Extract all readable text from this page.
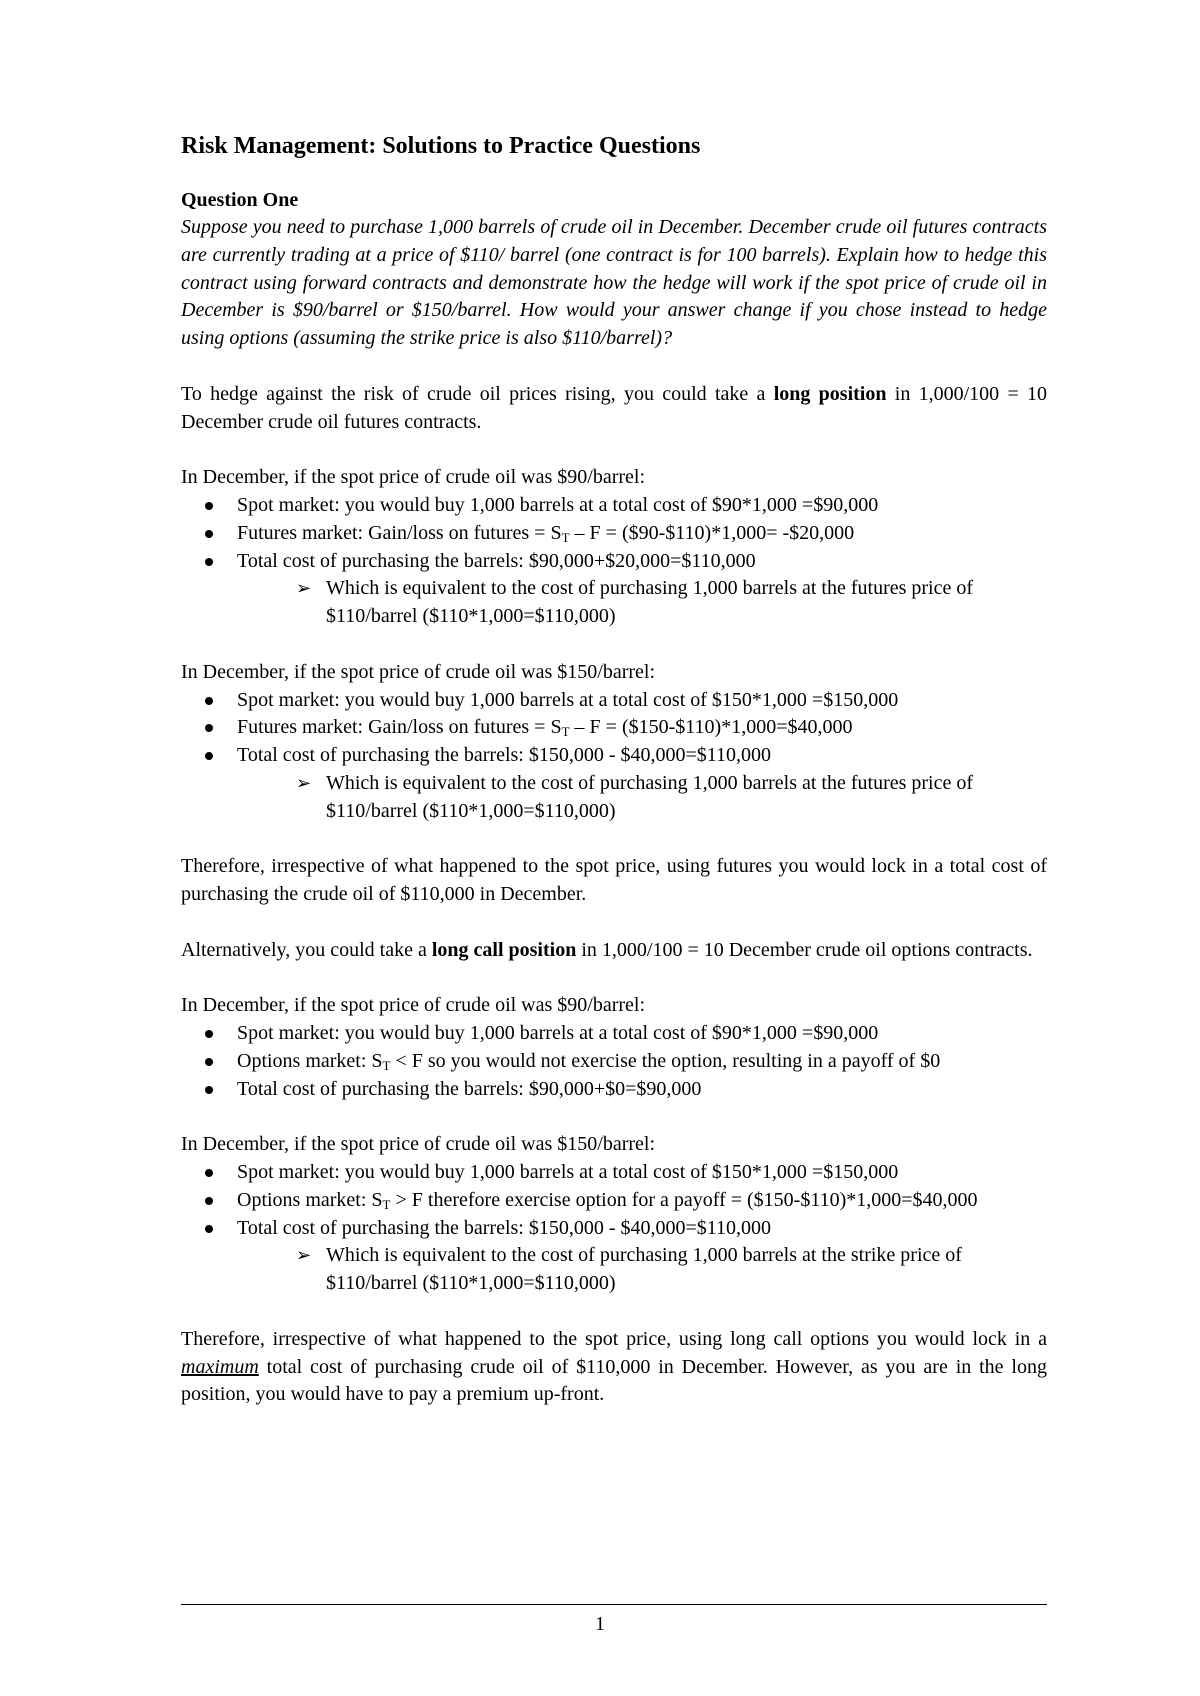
Risk Management: Solutions to Practice Questions
Question One

Suppose you need to purchase 1,000 barrels of crude oil in December. December crude oil futures contracts are currently trading at a price of $110/ barrel (one contract is for 100 barrels). Explain how to hedge this contract using forward contracts and demonstrate how the hedge will work if the spot price of crude oil in December is $90/barrel or $150/barrel. How would your answer change if you chose instead to hedge using options (assuming the strike price is also $110/barrel)?

To hedge against the risk of crude oil prices rising, you could take a long position in 1,000/100 = 10 December crude oil futures contracts.

In December, if the spot price of crude oil was $90/barrel:

Spot market: you would buy 1,000 barrels at a total cost of $90*1,000 =$90,000
Futures market: Gain/loss on futures = $S_T$ – F = ($90-$110)*1,000= -$20,000
Total cost of purchasing the barrels: $90,000+$20,000=$110,000
➢ Which is equivalent to the cost of purchasing 1,000 barrels at the futures price of $110/barrel ($110*1,000=$110,000)

In December, if the spot price of crude oil was $150/barrel:

Spot market: you would buy 1,000 barrels at a total cost of $150*1,000 =$150,000
Futures market: Gain/loss on futures = $S_T$ – F = ($150-$110)*1,000=$40,000
Total cost of purchasing the barrels: $150,000 - $40,000=$110,000
➢ Which is equivalent to the cost of purchasing 1,000 barrels at the futures price of $110/barrel ($110*1,000=$110,000)

Therefore, irrespective of what happened to the spot price, using futures you would lock in a total cost of purchasing the crude oil of $110,000 in December.

Alternatively, you could take a long call position in 1,000/100 = 10 December crude oil options contracts.

In December, if the spot price of crude oil was $90/barrel:

Spot market: you would buy 1,000 barrels at a total cost of $90*1,000 =$90,000
Options market: $S_T < F$ so you would not exercise the option, resulting in a payoff of $0
Total cost of purchasing the barrels: $90,000+$0=$90,000

In December, if the spot price of crude oil was $150/barrel:

Spot market: you would buy 1,000 barrels at a total cost of $150*1,000 =$150,000
Options market: $S_T > F$ therefore exercise option for a payoff = ($150-$110)*1,000=$40,000
Total cost of purchasing the barrels: $150,000 - $40,000=$110,000
➢ Which is equivalent to the cost of purchasing 1,000 barrels at the strike price of $110/barrel ($110*1,000=$110,000)

Therefore, irrespective of what happened to the spot price, using long call options you would lock in a maximum total cost of purchasing crude oil of $110,000 in December. However, as you are in the long position, you would have to pay a premium up-front.

1
